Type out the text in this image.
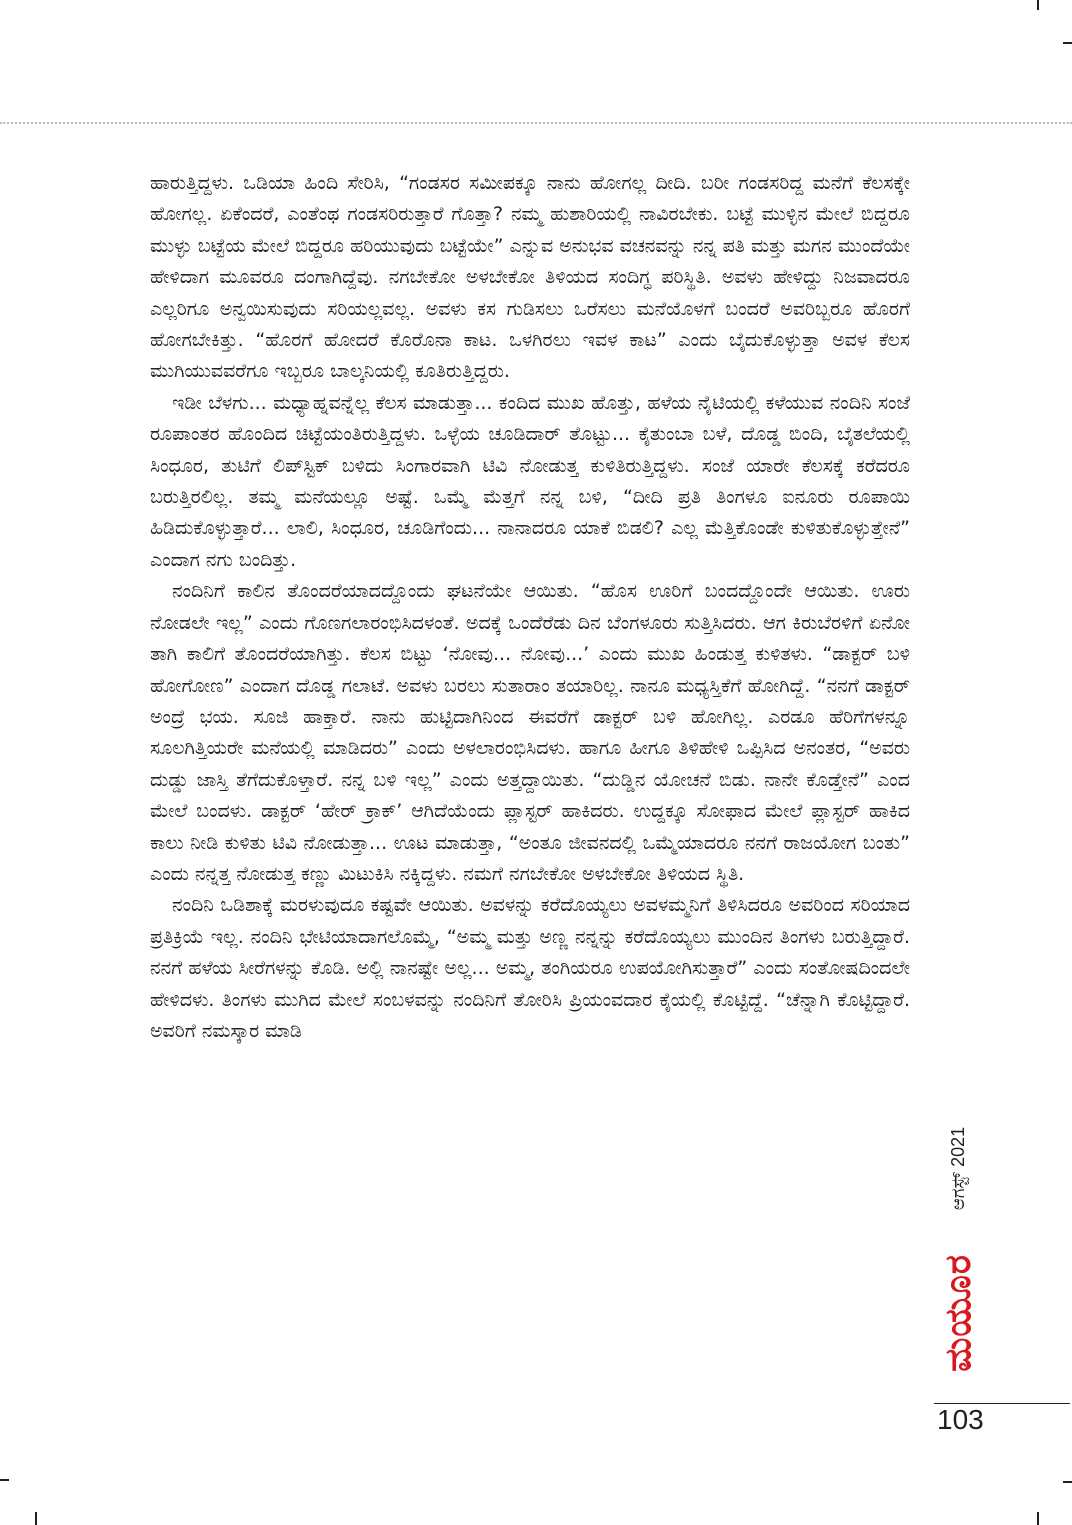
ಹಾರುತ್ತಿದ್ದಳು. ಒಡಿಯಾ ಹಿಂದಿ ಸೇರಿಸಿ, “ಗಂಡಸರ ಸಮೀಪಕ್ಕೂ ನಾನು ಹೋಗಲ್ಲ ದೀದಿ. ಬರೀ ಗಂಡಸರಿದ್ದ ಮನೆಗೆ ಕೆಲಸಕ್ಕೇ ಹೋಗಲ್ಲ. ಏಕೆಂದರೆ, ಎಂತೆಂಥ ಗಂಡಸರಿರುತ್ತಾರೆ ಗೊತ್ತಾ? ನಮ್ಮ ಹುಶಾರಿಯಲ್ಲಿ ನಾವಿರಬೇಕು. ಬಟ್ಟೆ ಮುಳ್ಳಿನ ಮೇಲೆ ಬಿದ್ದರೂ ಮುಳ್ಳು ಬಟ್ಟೆಯ ಮೇಲೆ ಬಿದ್ದರೂ ಹರಿಯುವುದು ಬಟ್ಟೆಯೇ” ಎನ್ನುವ ಅನುಭವ ವಚನವನ್ನು ನನ್ನ ಪತಿ ಮತ್ತು ಮಗನ ಮುಂದೆಯೇ ಹೇಳಿದಾಗ ಮೂವರೂ ದಂಗಾಗಿದ್ದೆವು. ನಗಬೇಕೋ ಅಳಬೇಕೋ ತಿಳಿಯದ ಸಂದಿಗ್ಧ ಪರಿಸ್ಥಿತಿ. ಅವಳು ಹೇಳಿದ್ದು ನಿಜವಾದರೂ ಎಲ್ಲರಿಗೂ ಅನ್ವಯಿಸುವುದು ಸರಿಯಲ್ಲವಲ್ಲ. ಅವಳು ಕಸ ಗುಡಿಸಲು ಒರೆಸಲು ಮನೆಯೊಳಗೆ ಬಂದರೆ ಅವರಿಬ್ಬರೂ ಹೊರಗೆ ಹೋಗಬೇಕಿತ್ತು. “ಹೊರಗೆ ಹೋದರೆ ಕೊರೊನಾ ಕಾಟ. ಒಳಗಿರಲು ಇವಳ ಕಾಟ” ಎಂದು ಬೈದುಕೊಳ್ಳುತ್ತಾ ಅವಳ ಕೆಲಸ ಮುಗಿಯುವವರೆಗೂ ಇಬ್ಬರೂ ಬಾಲ್ಕನಿಯಲ್ಲಿ ಕೂತಿರುತ್ತಿದ್ದರು.

ಇಡೀ ಬೆಳಗು... ಮಧ್ಯಾಹ್ನವನ್ನೆಲ್ಲ ಕೆಲಸ ಮಾಡುತ್ತಾ... ಕಂದಿದ ಮುಖ ಹೊತ್ತು, ಹಳೆಯ ನೈಟಿಯಲ್ಲಿ ಕಳೆಯುವ ನಂದಿನಿ ಸಂಜೆ ರೂಪಾಂತರ ಹೊಂದಿದ ಚಿಟ್ಟೆಯಂತಿರುತ್ತಿದ್ದಳು. ಒಳ್ಳೆಯ ಚೂಡಿದಾರ್ ತೊಟ್ಟು... ಕೈತುಂಬಾ ಬಳೆ, ದೊಡ್ಡ ಬಿಂದಿ, ಬೈತಲೆಯಲ್ಲಿ ಸಿಂಧೂರ, ತುಟಿಗೆ ಲಿಪ್‌ಸ್ಟಿಕ್ ಬಳಿದು ಸಿಂಗಾರವಾಗಿ ಟಿವಿ ನೋಡುತ್ತ ಕುಳಿತಿರುತ್ತಿದ್ದಳು. ಸಂಜೆ ಯಾರೇ ಕೆಲಸಕ್ಕೆ ಕರೆದರೂ ಬರುತ್ತಿರಲಿಲ್ಲ. ತಮ್ಮ ಮನೆಯಲ್ಲೂ ಅಷ್ಟೆ. ಒಮ್ಮೆ ಮೆತ್ತಗೆ ನನ್ನ ಬಳಿ, “ದೀದಿ ಪ್ರತಿ ತಿಂಗಳೂ ಐನೂರು ರೂಪಾಯಿ ಹಿಡಿದುಕೊಳ್ಳುತ್ತಾರೆ... ಲಾಲಿ, ಸಿಂಧೂರ, ಚೂಡಿಗೆಂದು... ನಾನಾದರೂ ಯಾಕೆ ಬಿಡಲಿ? ಎಲ್ಲ ಮೆತ್ತಿಕೊಂಡೇ ಕುಳಿತುಕೊಳ್ಳುತ್ತೇನೆ” ಎಂದಾಗ ನಗು ಬಂದಿತ್ತು.

ನಂದಿನಿಗೆ ಕಾಲಿನ ತೊಂದರೆಯಾದದ್ದೊಂದು ಘಟನೆಯೇ ಆಯಿತು. “ಹೊಸ ಊರಿಗೆ ಬಂದದ್ದೊಂದೇ ಆಯಿತು. ಊರು ನೋಡಲೇ ಇಲ್ಲ” ಎಂದು ಗೊಣಗಲಾರಂಭಿಸಿದಳಂತೆ. ಅದಕ್ಕೆ ಒಂದೆರೆಡು ದಿನ ಬೆಂಗಳೂರು ಸುತ್ತಿಸಿದರು. ಆಗ ಕಿರುಬೆರಳಿಗೆ ಏನೋ ತಾಗಿ ಕಾಲಿಗೆ ತೊಂದರೆಯಾಗಿತ್ತು. ಕೆಲಸ ಬಿಟ್ಟು ‘ನೋವು... ನೋವು...’ ಎಂದು ಮುಖ ಹಿಂಡುತ್ತ ಕುಳಿತಳು. “ಡಾಕ್ಟರ್ ಬಳಿ ಹೋಗೋಣ” ಎಂದಾಗ ದೊಡ್ಡ ಗಲಾಟೆ. ಅವಳು ಬರಲು ಸುತಾರಾಂ ತಯಾರಿಲ್ಲ. ನಾನೂ ಮಧ್ಯಸ್ತಿಕೆಗೆ ಹೋಗಿದ್ದೆ. “ನನಗೆ ಡಾಕ್ಟರ್ ಅಂದ್ರೆ ಭಯ. ಸೂಜಿ ಹಾಕ್ತಾರೆ. ನಾನು ಹುಟ್ಟಿದಾಗಿನಿಂದ ಈವರೆಗೆ ಡಾಕ್ಟರ್ ಬಳಿ ಹೋಗಿಲ್ಲ. ಎರಡೂ ಹೆರಿಗೆಗಳನ್ನೂ ಸೂಲಗಿತ್ತಿಯರೇ ಮನೆಯಲ್ಲಿ ಮಾಡಿದರು” ಎಂದು ಅಳಲಾರಂಭಿಸಿದಳು. ಹಾಗೂ ಹೀಗೂ ತಿಳಿಹೇಳಿ ಒಪ್ಪಿಸಿದ ಅನಂತರ, “ಅವರು ದುಡ್ಡು ಜಾಸ್ತಿ ತೆಗೆದುಕೊಳ್ತಾರೆ. ನನ್ನ ಬಳಿ ಇಲ್ಲ” ಎಂದು ಅತ್ತದ್ದಾಯಿತು. “ದುಡ್ಡಿನ ಯೋಚನೆ ಬಿಡು. ನಾನೇ ಕೊಡ್ತೇನೆ” ಎಂದ ಮೇಲೆ ಬಂದಳು. ಡಾಕ್ಟರ್ ‘ಹೇರ್ ಕ್ರಾಕ್’ ಆಗಿದೆಯೆಂದು ಪ್ಲಾಸ್ಟರ್ ಹಾಕಿದರು. ಉದ್ದಕ್ಕೂ ಸೋಫಾದ ಮೇಲೆ ಪ್ಲಾಸ್ಟರ್ ಹಾಕಿದ ಕಾಲು ನೀಡಿ ಕುಳಿತು ಟಿವಿ ನೋಡುತ್ತಾ... ಊಟ ಮಾಡುತ್ತಾ, “ಅಂತೂ ಜೀವನದಲ್ಲಿ ಒಮ್ಮೆಯಾದರೂ ನನಗೆ ರಾಜಯೋಗ ಬಂತು” ಎಂದು ನನ್ನತ್ತ ನೋಡುತ್ತ ಕಣ್ಣು ಮಿಟುಕಿಸಿ ನಕ್ಕಿದ್ದಳು. ನಮಗೆ ನಗಬೇಕೋ ಅಳಬೇಕೋ ತಿಳಿಯದ ಸ್ಥಿತಿ.

ನಂದಿನಿ ಒಡಿಶಾಕ್ಕೆ ಮರಳುವುದೂ ಕಷ್ಟವೇ ಆಯಿತು. ಅವಳನ್ನು ಕರೆದೊಯ್ಯಲು ಅವಳಮ್ಮನಿಗೆ ತಿಳಿಸಿದರೂ ಅವರಿಂದ ಸರಿಯಾದ ಪ್ರತಿಕ್ರಿಯೆ ಇಲ್ಲ. ನಂದಿನಿ ಭೇಟಿಯಾದಾಗಲೊಮ್ಮೆ, “ಅಮ್ಮ ಮತ್ತು ಅಣ್ಣ ನನ್ನನ್ನು ಕರೆದೊಯ್ಯಲು ಮುಂದಿನ ತಿಂಗಳು ಬರುತ್ತಿದ್ದಾರೆ. ನನಗೆ ಹಳೆಯ ಸೀರೆಗಳನ್ನು ಕೊಡಿ. ಅಲ್ಲಿ ನಾನಷ್ಟೇ ಅಲ್ಲ... ಅಮ್ಮ, ತಂಗಿಯರೂ ಉಪಯೋಗಿಸುತ್ತಾರೆ” ಎಂದು ಸಂತೋಷದಿಂದಲೇ ಹೇಳಿದಳು. ತಿಂಗಳು ಮುಗಿದ ಮೇಲೆ ಸಂಬಳವನ್ನು ನಂದಿನಿಗೆ ತೋರಿಸಿ ಪ್ರಿಯಂವದಾರ ಕೈಯಲ್ಲಿ ಕೊಟ್ಟಿದ್ದೆ. “ಚೆನ್ನಾಗಿ ಕೊಟ್ಟಿದ್ದಾರೆ. ಅವರಿಗೆ ನಮಸ್ಕಾರ ಮಾಡಿ

ಆಗಸ್ಟ್ 2021
ಮಯೂರ
103
